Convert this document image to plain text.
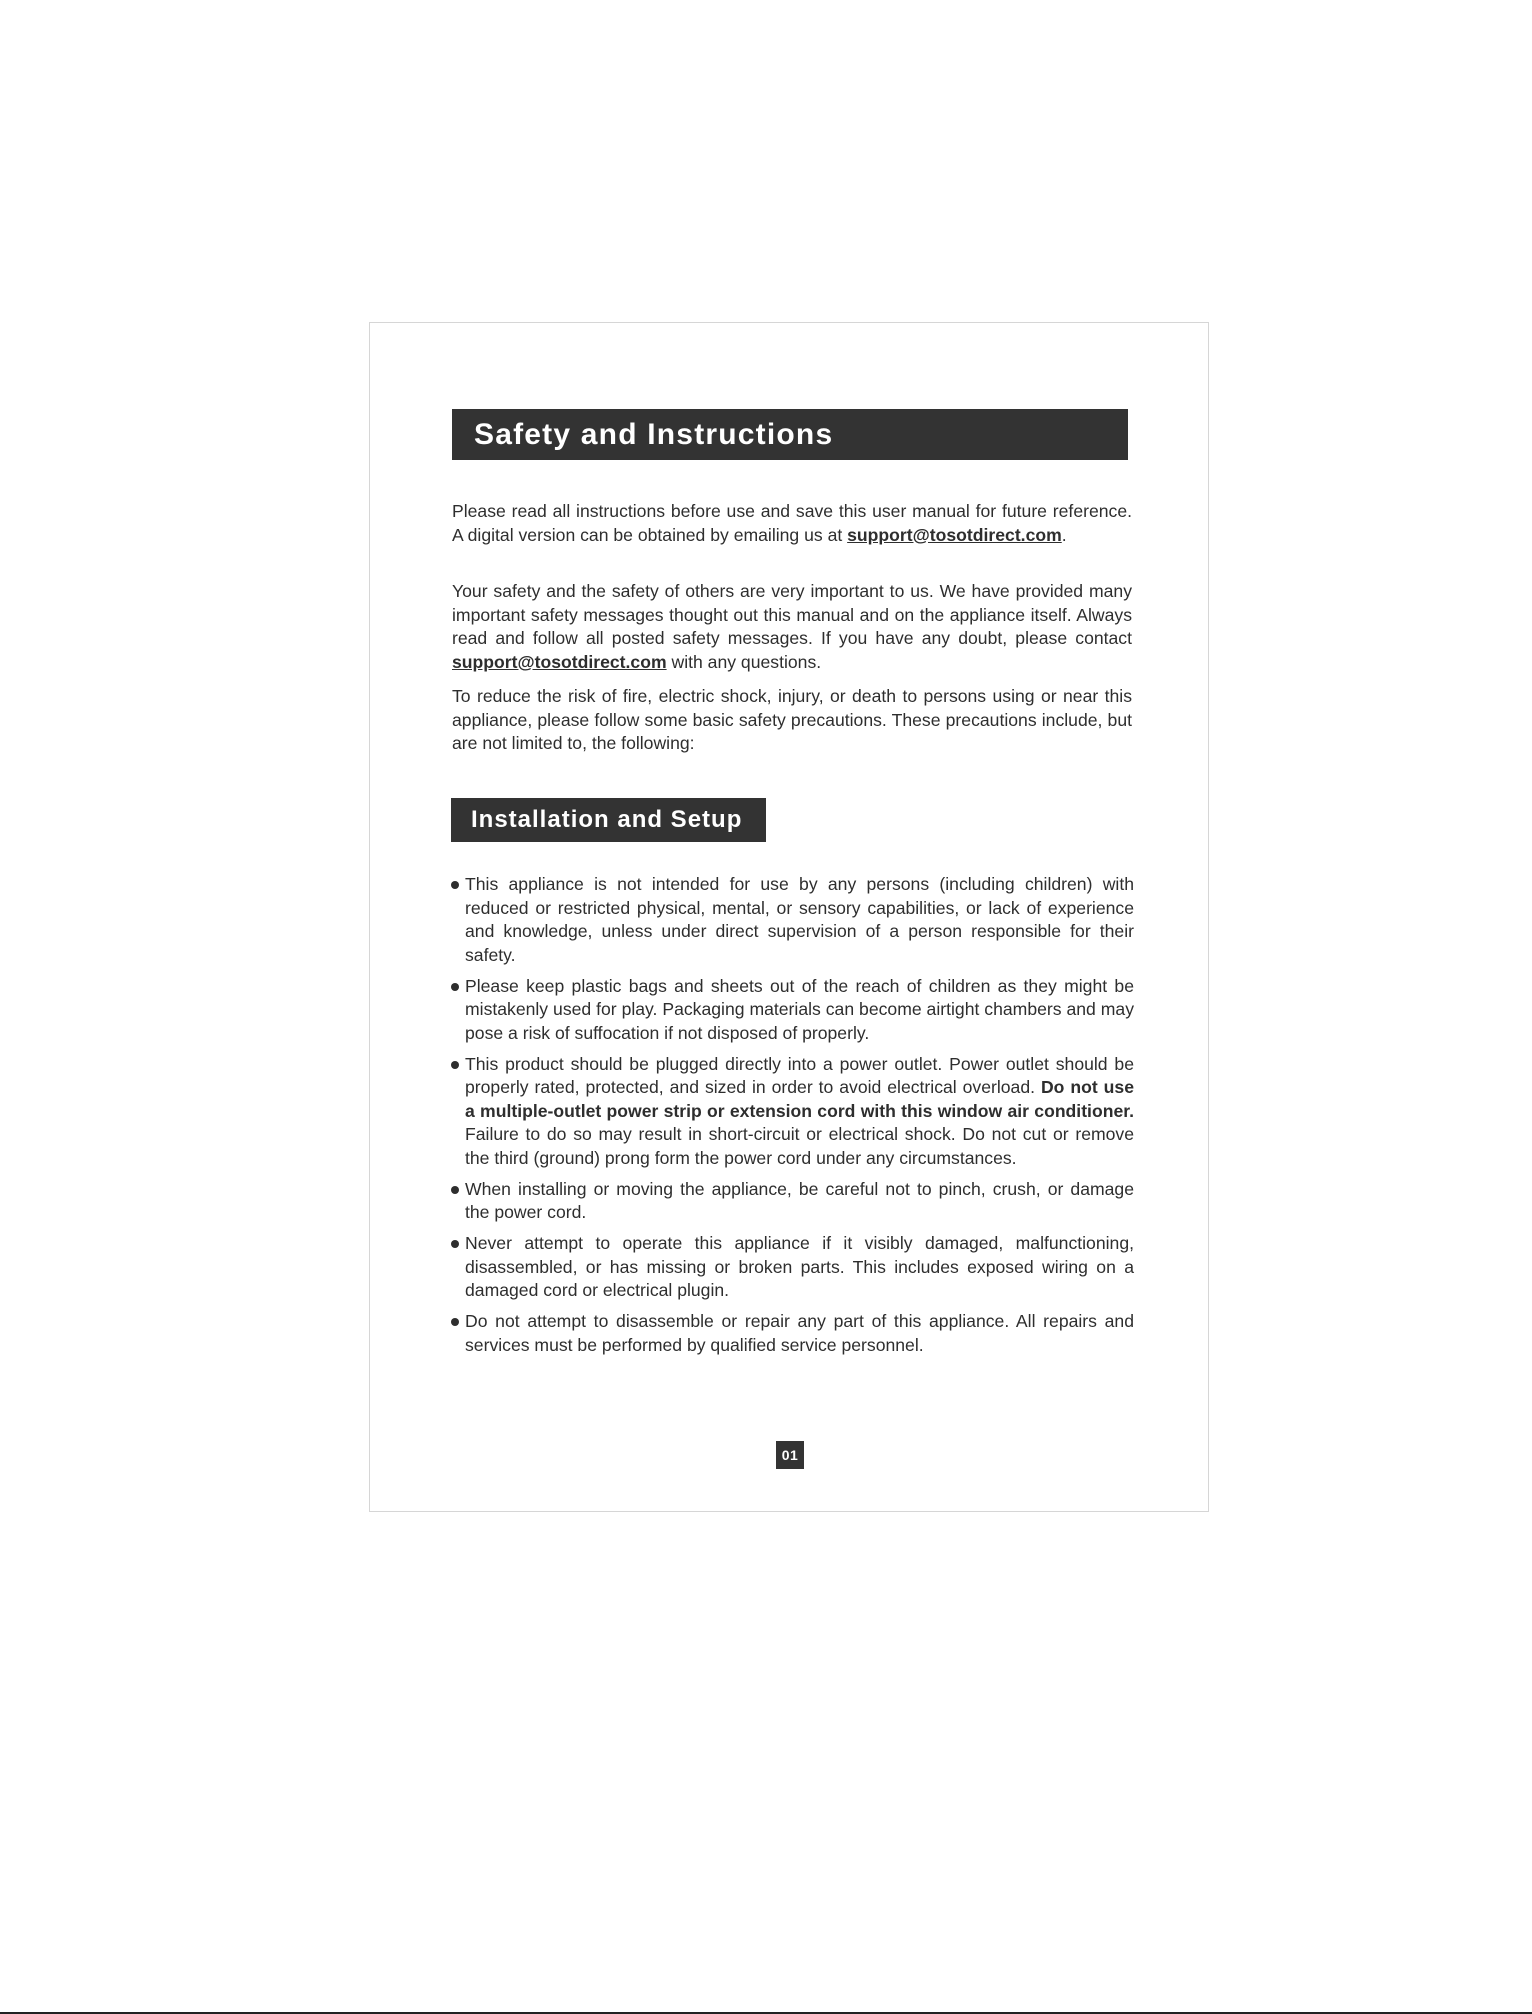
Safety and Instructions

Please read all instructions before use and save this user manual for future reference. A digital version can be obtained by emailing us at support@tosotdirect.com.

Your safety and the safety of others are very important to us. We have provided many important safety messages thought out this manual and on the appliance itself. Always read and follow all posted safety messages. If you have any doubt, please contact support@tosotdirect.com with any questions.

To reduce the risk of fire, electric shock, injury, or death to persons using or near this appliance, please follow some basic safety precautions. These precautions include, but are not limited to, the following:

Installation and Setup
This appliance is not intended for use by any persons (including children) with reduced or restricted physical, mental, or sensory capabilities, or lack of experience and knowledge, unless under direct supervision of a person responsible for their safety.
Please keep plastic bags and sheets out of the reach of children as they might be mistakenly used for play. Packaging materials can become airtight chambers and may pose a risk of suffocation if not disposed of properly.
This product should be plugged directly into a power outlet. Power outlet should be properly rated, protected, and sized in order to avoid electrical overload. Do not use a multiple-outlet power strip or extension cord with this window air conditioner. Failure to do so may result in short-circuit or electrical shock. Do not cut or remove the third (ground) prong form the power cord under any circumstances.
When installing or moving the appliance, be careful not to pinch, crush, or damage the power cord.
Never attempt to operate this appliance if it visibly damaged, malfunctioning, disassembled, or has missing or broken parts. This includes exposed wiring on a damaged cord or electrical plugin.
Do not attempt to disassemble or repair any part of this appliance. All repairs and services must be performed by qualified service personnel.
01
